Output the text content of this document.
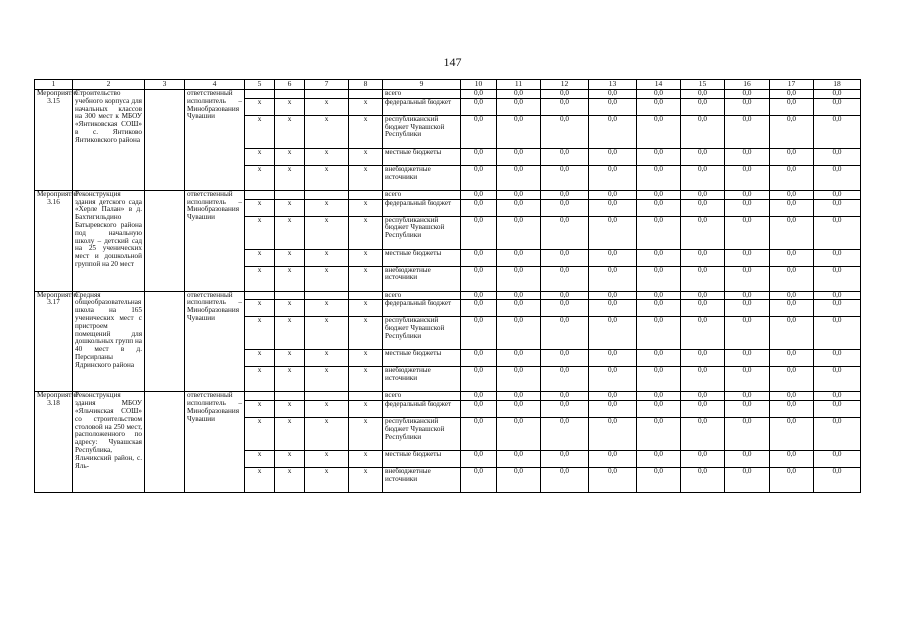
147
1	2	3	4	5	6	7	8	9	10	11	12	13	14	15	16	17	18
Мероприятие 3.15	Строительство учебного корпуса для начальных классов на 300 мест к МБОУ «Янтиковская СОШ» в с. Янтиково Янтиковского района		ответственный исполнитель – Минобразования Чувашии					всего	0,0	0,0	0,0	0,0	0,0	0,0	0,0	0,0	0,0
				x	x	x	x	федеральный бюджет	0,0	0,0	0,0	0,0	0,0	0,0	0,0	0,0	0,0
				x	x	x	x	республиканский бюджет Чувашской Республики	0,0	0,0	0,0	0,0	0,0	0,0	0,0	0,0	0,0
				x	x	x	x	местные бюджеты	0,0	0,0	0,0	0,0	0,0	0,0	0,0	0,0	0,0
				x	x	x	x	внебюджетные источники	0,0	0,0	0,0	0,0	0,0	0,0	0,0	0,0	0,0
Мероприятие 3.16	Реконструкция здания детского сада «Херле Палан» в д. Бахтигильдино Батыревского района под начальную школу – детский сад на 25 ученических мест и дошкольной группой на 20 мест		ответственный исполнитель – Минобразования Чувашии					всего	0,0	0,0	0,0	0,0	0,0	0,0	0,0	0,0	0,0
				x	x	x	x	федеральный бюджет	0,0	0,0	0,0	0,0	0,0	0,0	0,0	0,0	0,0
				x	x	x	x	республиканский бюджет Чувашской Республики	0,0	0,0	0,0	0,0	0,0	0,0	0,0	0,0	0,0
				x	x	x	x	местные бюджеты	0,0	0,0	0,0	0,0	0,0	0,0	0,0	0,0	0,0
				x	x	x	x	внебюджетные источники	0,0	0,0	0,0	0,0	0,0	0,0	0,0	0,0	0,0
Мероприятие 3.17	Средняя общеобразовательная школа на 165 ученических мест с пристроем помещений для дошкольных групп на 40 мест в д. Персирланы Ядринского района		ответственный исполнитель – Минобразования Чувашии					всего	0,0	0,0	0,0	0,0	0,0	0,0	0,0	0,0	0,0
				x	x	x	x	федеральный бюджет	0,0	0,0	0,0	0,0	0,0	0,0	0,0	0,0	0,0
				x	x	x	x	республиканский бюджет Чувашской Республики	0,0	0,0	0,0	0,0	0,0	0,0	0,0	0,0	0,0
				x	x	x	x	местные бюджеты	0,0	0,0	0,0	0,0	0,0	0,0	0,0	0,0	0,0
				x	x	x	x	внебюджетные источники	0,0	0,0	0,0	0,0	0,0	0,0	0,0	0,0	0,0
Мероприятие 3.18	Реконструкция здания МБОУ «Яльчикская СОШ» со строительством столовой на 250 мест, расположенного по адресу: Чувашская Республика, Яльчикский район, с. Яль-		ответственный исполнитель – Минобразования Чувашии					всего	0,0	0,0	0,0	0,0	0,0	0,0	0,0	0,0	0,0
				x	x	x	x	федеральный бюджет	0,0	0,0	0,0	0,0	0,0	0,0	0,0	0,0	0,0
				x	x	x	x	республиканский бюджет Чувашской Республики	0,0	0,0	0,0	0,0	0,0	0,0	0,0	0,0	0,0
				x	x	x	x	местные бюджеты	0,0	0,0	0,0	0,0	0,0	0,0	0,0	0,0	0,0
				x	x	x	x	внебюджетные источники	0,0	0,0	0,0	0,0	0,0	0,0	0,0	0,0	0,0
